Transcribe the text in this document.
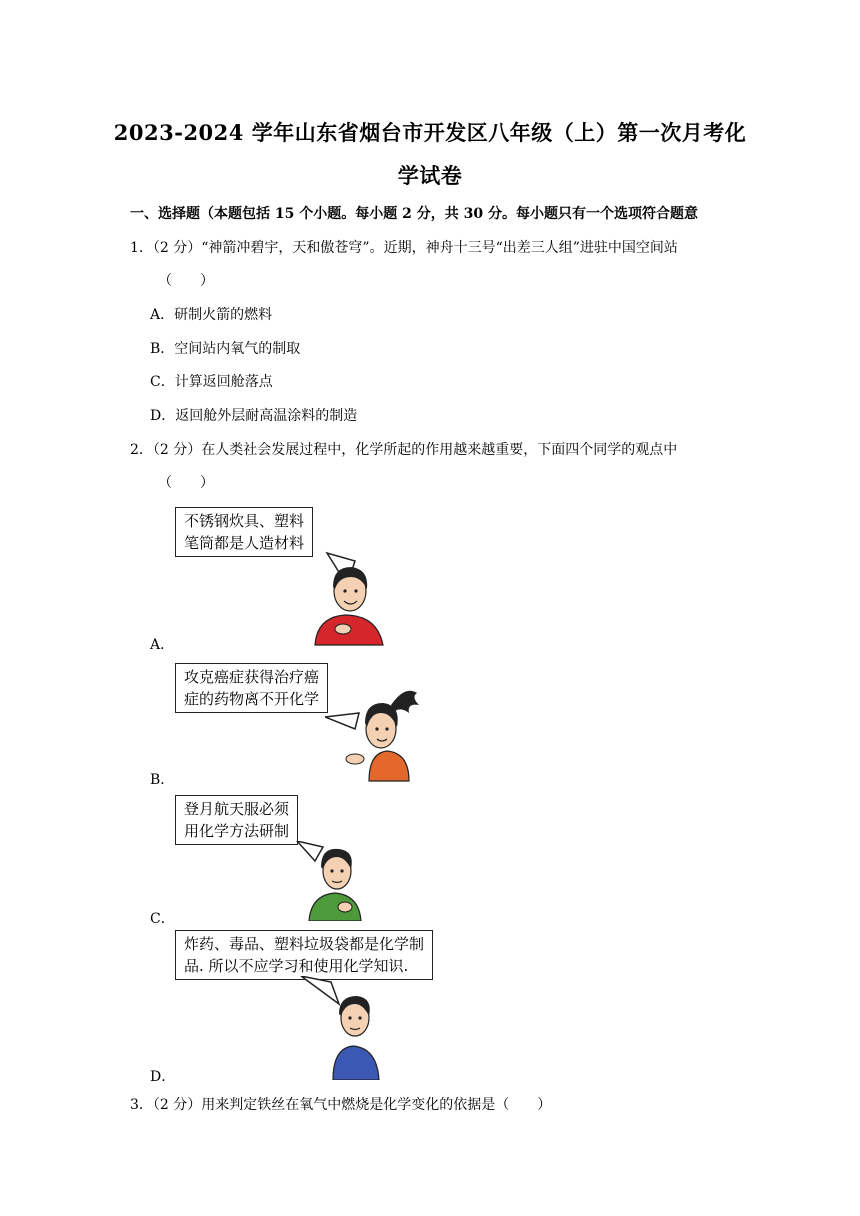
2023-2024 学年山东省烟台市开发区八年级（上）第一次月考化
学试卷
一、选择题（本题包括 15 个小题。每小题 2 分，共 30 分。每小题只有一个选项符合题意
1．（2 分）“神箭冲碧宇，天和傲苍穹”。近期，神舟十三号“出差三人组”进驻中国空间站
（　　）
A．研制火箭的燃料
B．空间站内氧气的制取
C．计算返回舱落点
D．返回舱外层耐高温涂料的制造
2．（2 分）在人类社会发展过程中，化学所起的作用越来越重要，下面四个同学的观点中
（　　）
不锈钢炊具、塑料
笔筒都是人造材料
A．
攻克癌症获得治疗癌
症的药物离不开化学
B．
登月航天服必须
用化学方法研制
C．
炸药、毒品、塑料垃圾袋都是化学制
品. 所以不应学习和使用化学知识.
D．
3．（2 分）用来判定铁丝在氧气中燃烧是化学变化的依据是（　　）
